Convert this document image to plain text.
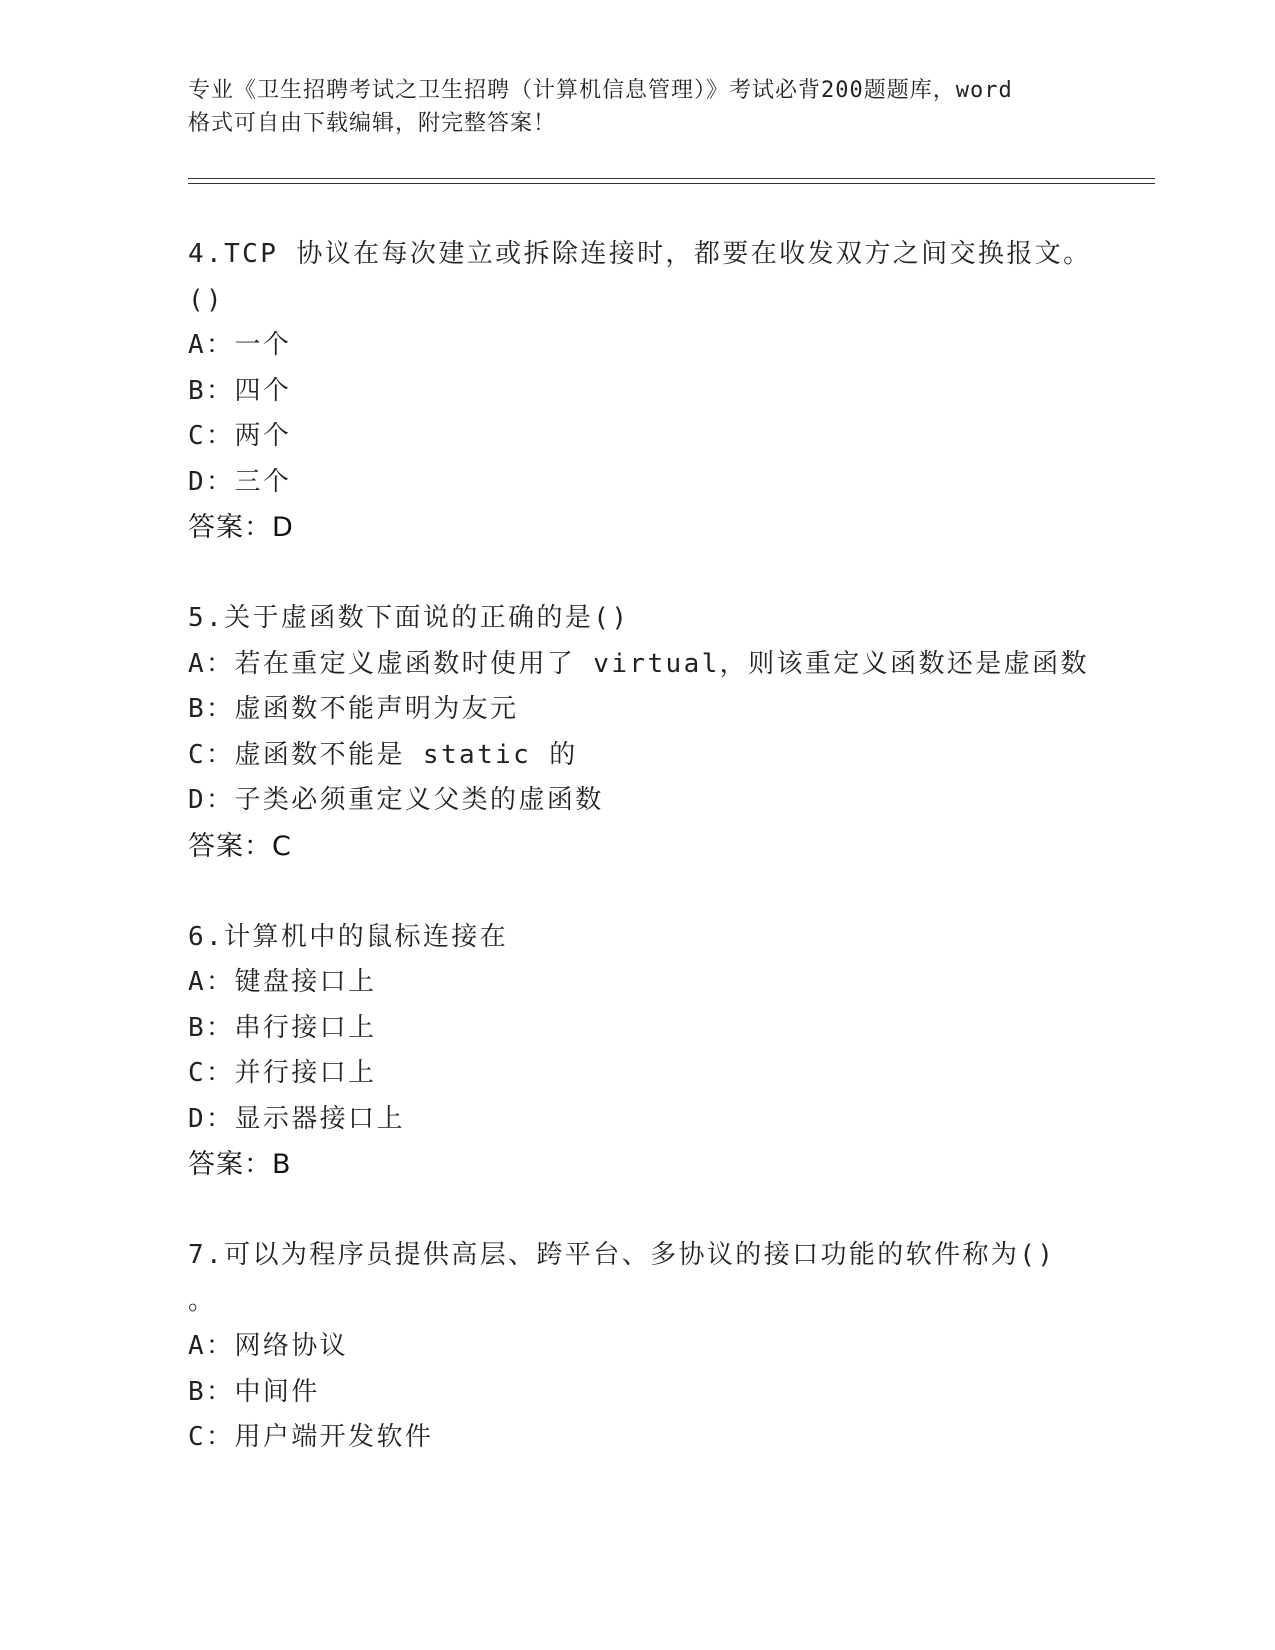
专业《卫生招聘考试之卫生招聘（计算机信息管理）》考试必背200题题库，word
格式可自由下载编辑，附完整答案！
4.TCP 协议在每次建立或拆除连接时，都要在收发双方之间交换报文。
()
A：一个
B：四个
C：两个
D：三个
答案：D
5.关于虚函数下面说的正确的是()
A：若在重定义虚函数时使用了 virtual，则该重定义函数还是虚函数
B：虚函数不能声明为友元
C：虚函数不能是 static 的
D：子类必须重定义父类的虚函数
答案：C
6.计算机中的鼠标连接在
A：键盘接口上
B：串行接口上
C：并行接口上
D：显示器接口上
答案：B
7.可以为程序员提供高层、跨平台、多协议的接口功能的软件称为()
。
A：网络协议
B：中间件
C：用户端开发软件
